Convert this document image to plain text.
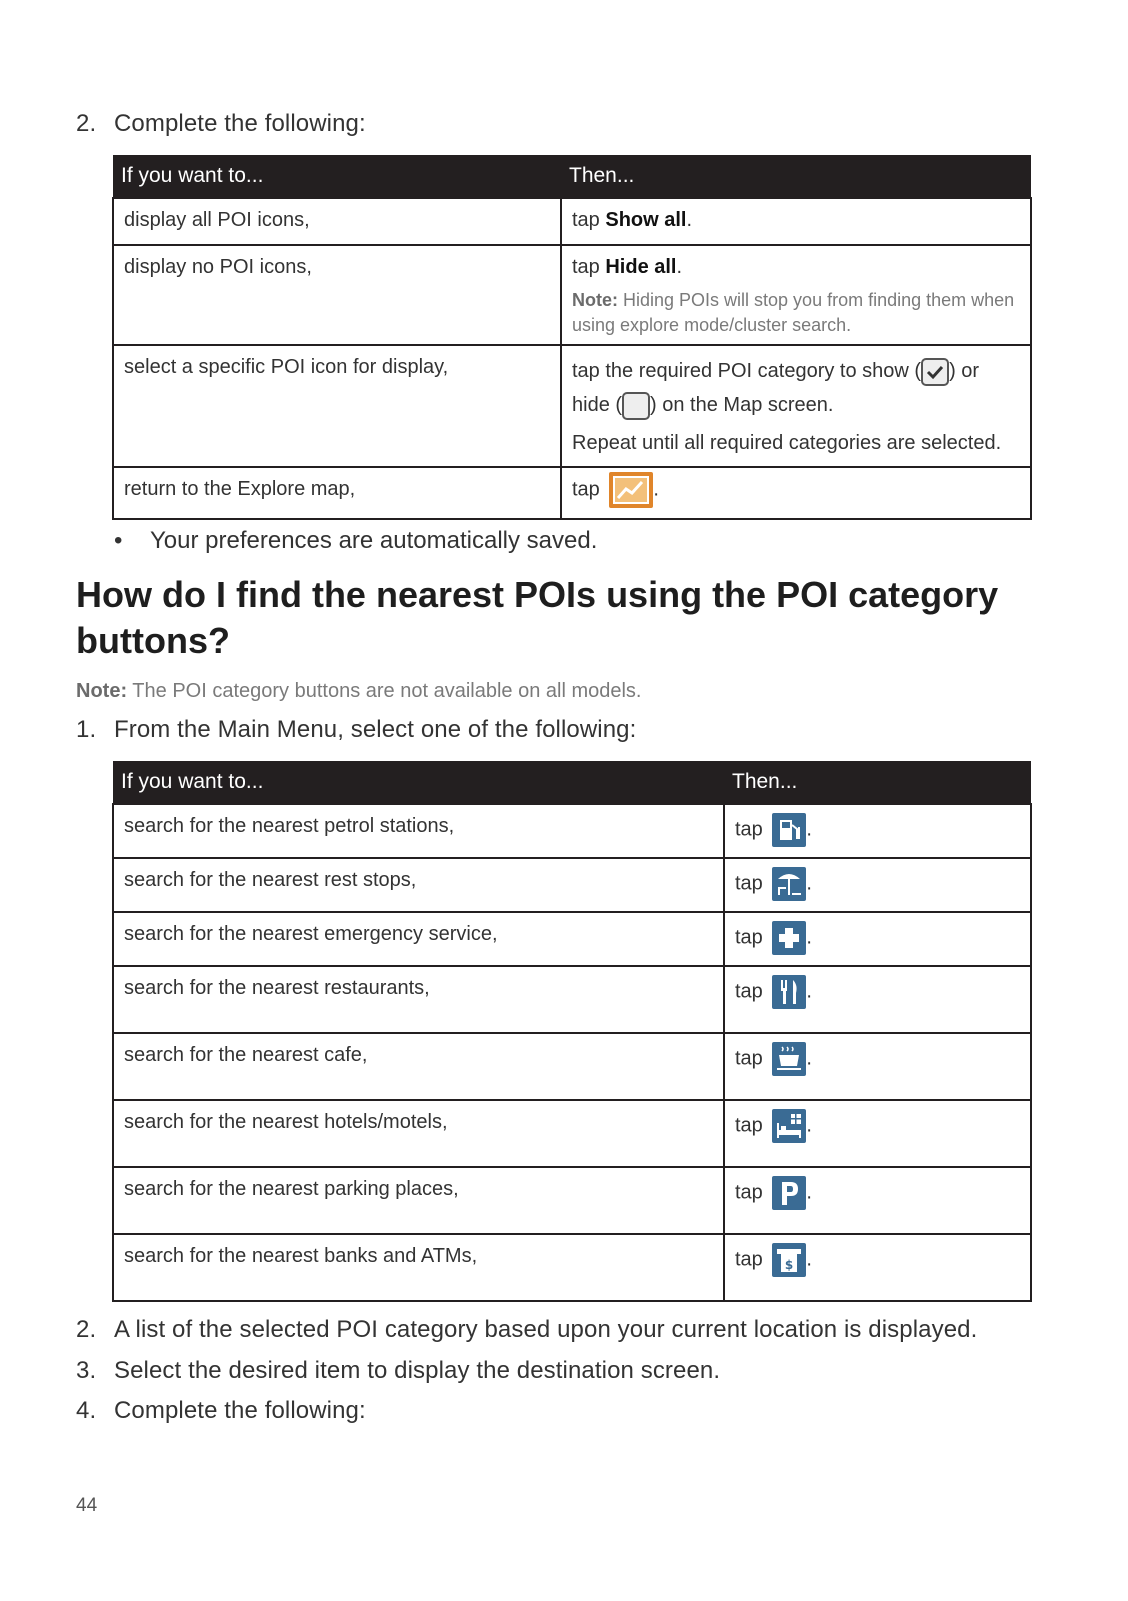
2. Complete the following:
If you want to...	Then...
display all POI icons,	tap Show all.
display no POI icons,	tap Hide all.
Note: Hiding POIs will stop you from finding them when using explore mode/cluster search.

select a specific POI icon for display,	tap the required POI category to show ( ) or hide ( ) on the Map screen.
Repeat until all required categories are selected.

return to the Explore map,	tap .
• Your preferences are automatically saved.
How do I find the nearest POIs using the POI category buttons?
Note: The POI category buttons are not available on all models.
1. From the Main Menu, select one of the following:
If you want to...	Then...
search for the nearest petrol stations,	tap .
search for the nearest rest stops,	tap .
search for the nearest emergency service,	tap .
search for the nearest restaurants,	tap .
search for the nearest cafe,	tap .
search for the nearest hotels/motels,	tap .
search for the nearest parking places,	tap .
search for the nearest banks and ATMs,	tap $ .
2. A list of the selected POI category based upon your current location is displayed.
3. Select the desired item to display the destination screen.
4. Complete the following:
44
